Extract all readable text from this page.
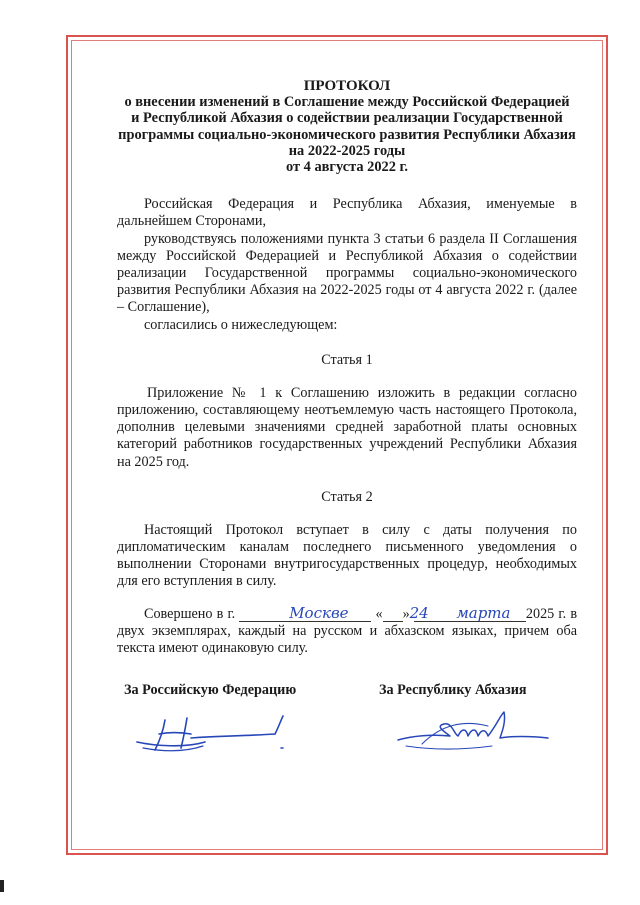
ПРОТОКОЛ
о внесении изменений в Соглашение между Российской Федерацией
и Республикой Абхазия о содействии реализации Государственной
программы социально-экономического развития Республики Абхазия
на 2022-2025 годы
от 4 августа 2022 г.

Российская Федерация и Республика Абхазия, именуемые в дальнейшем Сторонами,

руководствуясь положениями пункта 3 статьи 6 раздела II Соглашения между Российской Федерацией и Республикой Абхазия о содействии реализации Государственной программы социально-экономического развития Республики Абхазия на 2022-2025 годы от 4 августа 2022 г. (далее – Соглашение),

согласились о нижеследующем:

Статья 1

Приложение № 1 к Соглашению изложить в редакции согласно приложению, составляющему неотъемлемую часть настоящего Протокола, дополнив целевыми значениями средней заработной платы основных категорий работников государственных учреждений Республики Абхазия на 2025 год.

Статья 2

Настоящий Протокол вступает в силу с даты получения по дипломатическим каналам последнего письменного уведомления о выполнении Сторонами внутригосударственных процедур, необходимых для его вступления в силу.

Совершено в г.	Москве « 24»	марта 2025 г. в двух экземплярах, каждый на русском и абхазском языках, причем оба текста имеют одинаковую силу.

За Российскую Федерацию	За Республику Абхазия
